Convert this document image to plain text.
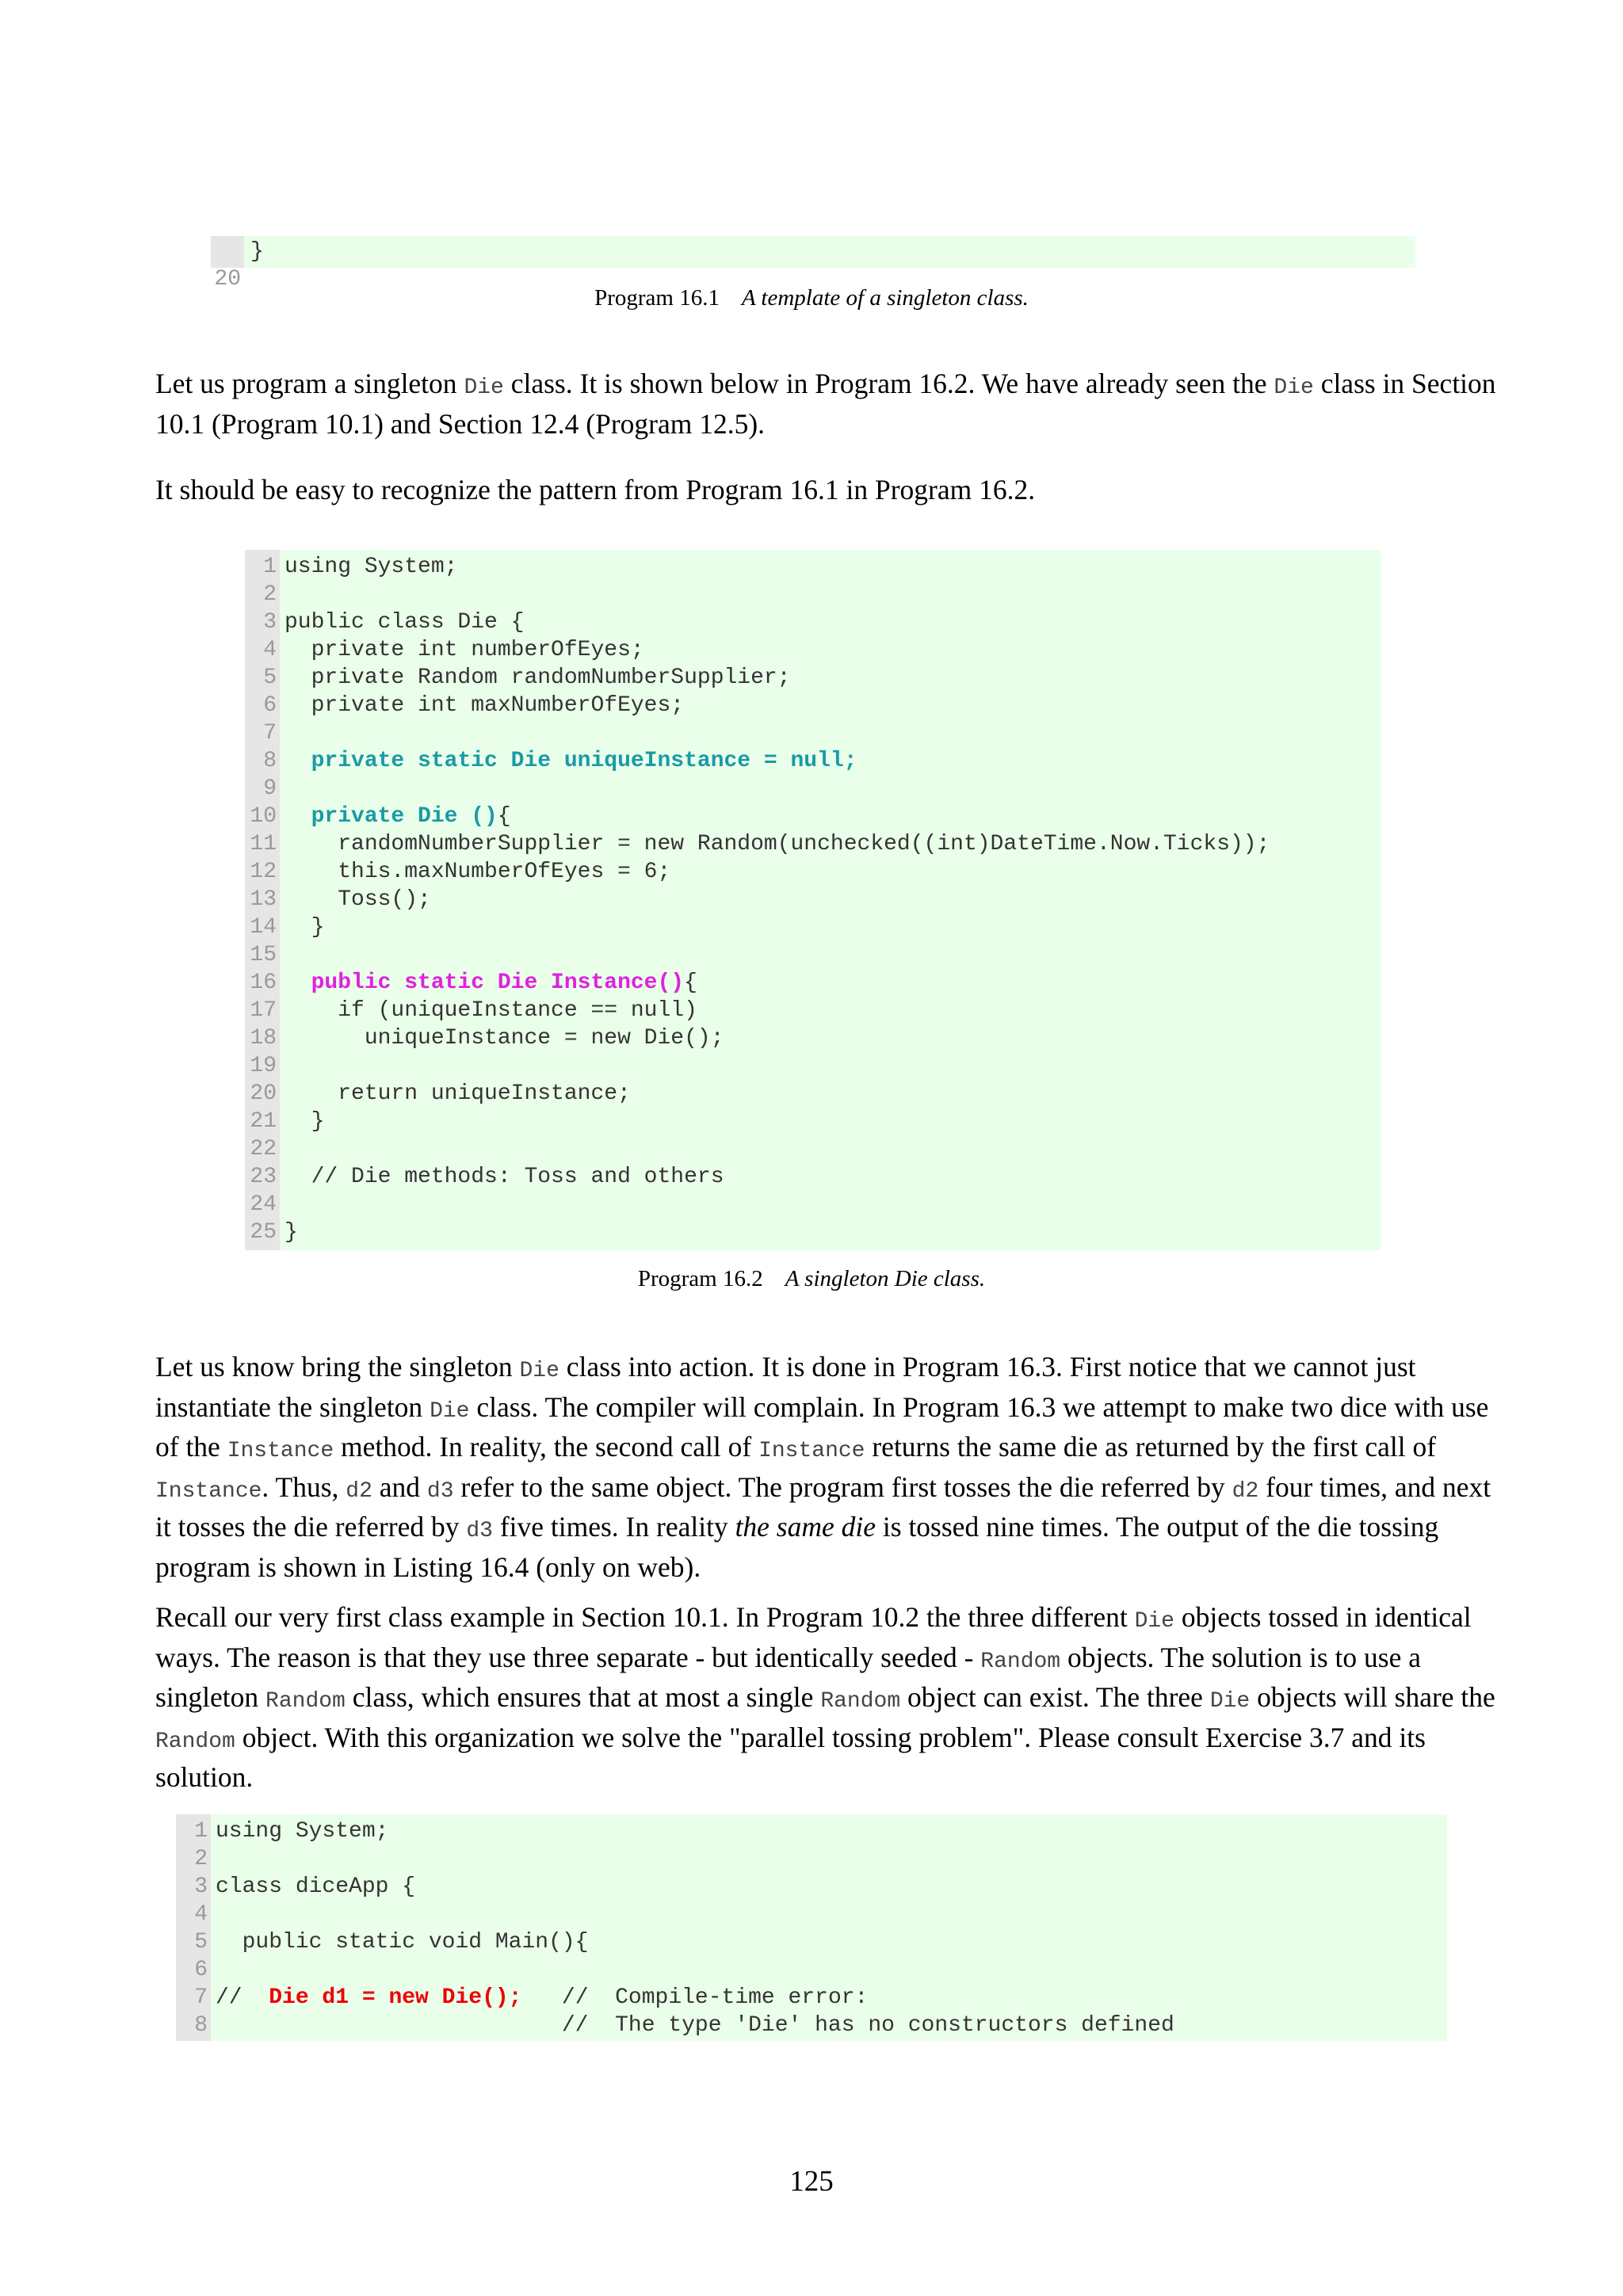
20

}

Program 16.1 A template of a singleton class.

Let us program a singleton Die class. It is shown below in Program 16.2. We have already seen the Die class in Section 10.1 (Program 10.1) and Section 12.4 (Program 12.5).

It should be easy to recognize the pattern from Program 16.1 in Program 16.2.

1 using System;
2
3 public class Die {
4 private int numberOfEyes;
5 private Random randomNumberSupplier;
6 private int maxNumberOfEyes;
7
8	private static Die uniqueInstance = null;
9
10	private Die (){
11 randomNumberSupplier = new Random(unchecked((int)DateTime.Now.Ticks));
12 this.maxNumberOfEyes = 6;
13 Toss();
14 }
15
16	public static Die Instance(){
17 if (uniqueInstance == null)
18 uniqueInstance = new Die();
19
20 return uniqueInstance;
21 }
22
23 // Die methods: Toss and others
24
25 }
Program 16.2 A singleton Die class.

Let us know bring the singleton Die class into action. It is done in Program 16.3. First notice that we cannot just instantiate the singleton Die class. The compiler will complain. In Program 16.3 we attempt to make two dice with use of the Instance method. In reality, the second call of Instance returns the same die as returned by the first call of Instance. Thus, d2 and d3 refer to the same object. The program first tosses the die referred by d2 four times, and next it tosses the die referred by d3 five times. In reality the same die is tossed nine times. The output of the die tossing program is shown in Listing 16.4 (only on web).

Recall our very first class example in Section 10.1. In Program 10.2 the three different Die objects tossed in identical ways. The reason is that they use three separate - but identically seeded - Random objects. The solution is to use a singleton Random class, which ensures that at most a single Random object can exist. The three Die objects will share the Random object. With this organization we solve the "parallel tossing problem". Please consult Exercise 3.7 and its solution.

1 using System;
2
3 class diceApp {
4
5 public static void Main(){
6
7 //  Die d1 = new Die();   //  Compile-time error:
8 //  The type 'Die' has no constructors defined
125
